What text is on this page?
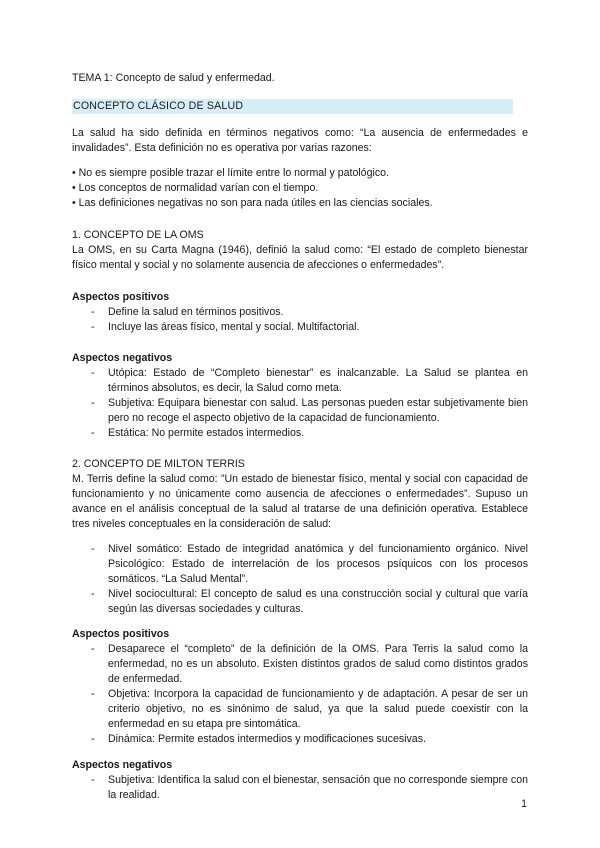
TEMA 1: Concepto de salud y enfermedad.

CONCEPTO CLÁSICO DE SALUD

La salud ha sido definida en términos negativos como: “La ausencia de enfermedades e invalidades”. Esta definición no es operativa por varias razones:

• No es siempre posible trazar el límite entre lo normal y patológico.
• Los conceptos de normalidad varían con el tiempo.
• Las definiciones negativas no son para nada útiles en las ciencias sociales.

1. CONCEPTO DE LA OMS

La OMS, en su Carta Magna (1946), definió la salud como: “El estado de completo bienestar físico mental y social y no solamente ausencia de afecciones o enfermedades”.

Aspectos positivos

- Define la salud en términos positivos.
- Incluye las áreas físico, mental y social. Multifactorial.

Aspectos negativos

- Utópica: Estado de “Completo bienestar” es inalcanzable. La Salud se plantea en términos absolutos, es decir, la Salud como meta.
- Subjetiva: Equipara bienestar con salud. Las personas pueden estar subjetivamente bien pero no recoge el aspecto objetivo de la capacidad de funcionamiento.
- Estática: No permite estados intermedios.

2. CONCEPTO DE MILTON TERRIS

M. Terris define la salud como: ”Un estado de bienestar físico, mental y social con capacidad de funcionamiento y no únicamente como ausencia de afecciones o enfermedades”. Supuso un avance en el análisis conceptual de la salud al tratarse de una definición operativa. Establece tres niveles conceptuales en la consideración de salud:

- Nivel somático: Estado de integridad anatómica y del funcionamiento orgánico. Nivel Psicológico: Estado de interrelación de los procesos psíquicos con los procesos somáticos. “La Salud Mental”.
- Nivel sociocultural: El concepto de salud es una construcción social y cultural que varía según las diversas sociedades y culturas.

Aspectos positivos

- Desaparece el “completo” de la definición de la OMS. Para Terris la salud como la enfermedad, no es un absoluto. Existen distintos grados de salud como distintos grados de enfermedad.
- Objetiva: Incorpora la capacidad de funcionamiento y de adaptación. A pesar de ser un criterio objetivo, no es sinónimo de salud, ya que la salud puede coexistir con la enfermedad en su etapa pre sintomática.
- Dinámica: Permite estados intermedios y modificaciones sucesivas.

Aspectos negativos

- Subjetiva: Identifica la salud con el bienestar, sensación que no corresponde siempre con la realidad.
1
